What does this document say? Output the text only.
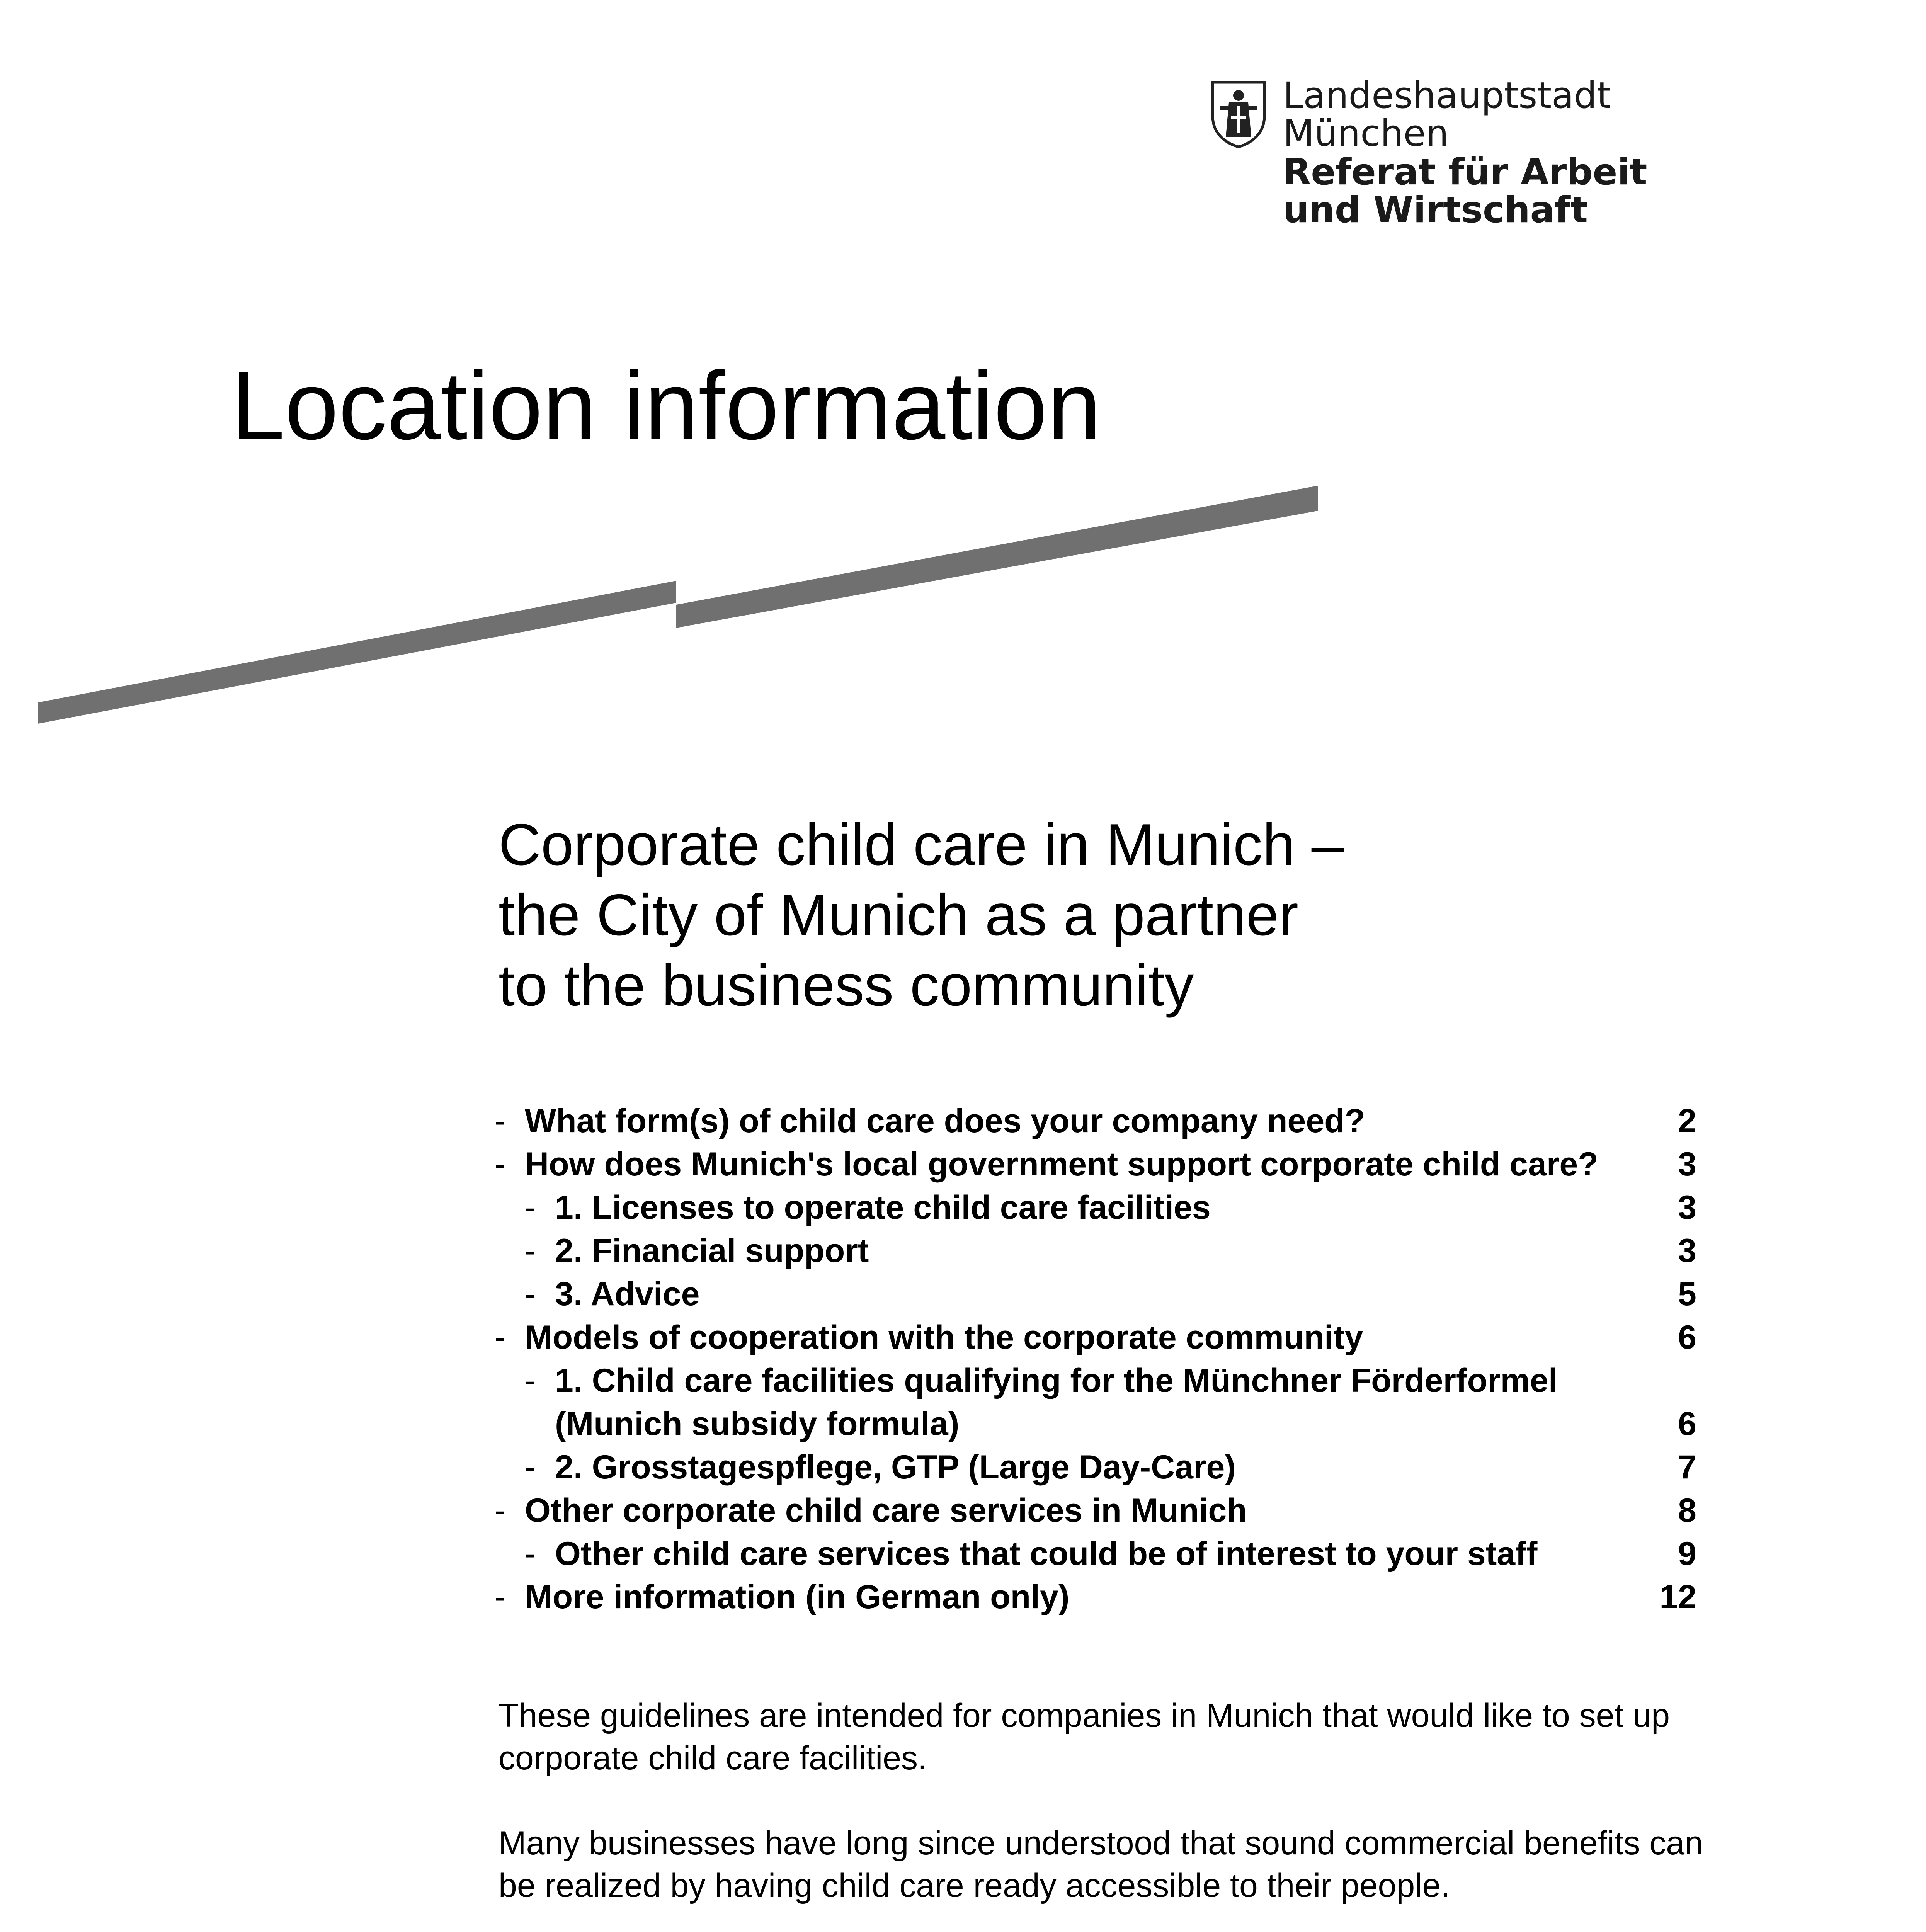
Landeshauptstadt
München
Referat für Arbeit
und Wirtschaft
Location information
Corporate child care in Munich –
the City of Munich as a partner
to the business community
- What form(s) of child care does your company need?	2
- How does Munich's local government support corporate child care?	3
- 1. Licenses to operate child care facilities	3
- 2. Financial support	3
- 3. Advice	5
- Models of cooperation with the corporate community	6
- 1. Child care facilities qualifying for the Münchner Förderformel (Munich subsidy formula)	6
- 2. Grosstagespflege, GTP (Large Day-Care)	7
- Other corporate child care services in Munich	8
- Other child care services that could be of interest to your staff	9
- More information (in German only)	12

These guidelines are intended for companies in Munich that would like to set up corporate child care facilities.

Many businesses have long since understood that sound commercial benefits can be realized by having child care ready accessible to their people.
